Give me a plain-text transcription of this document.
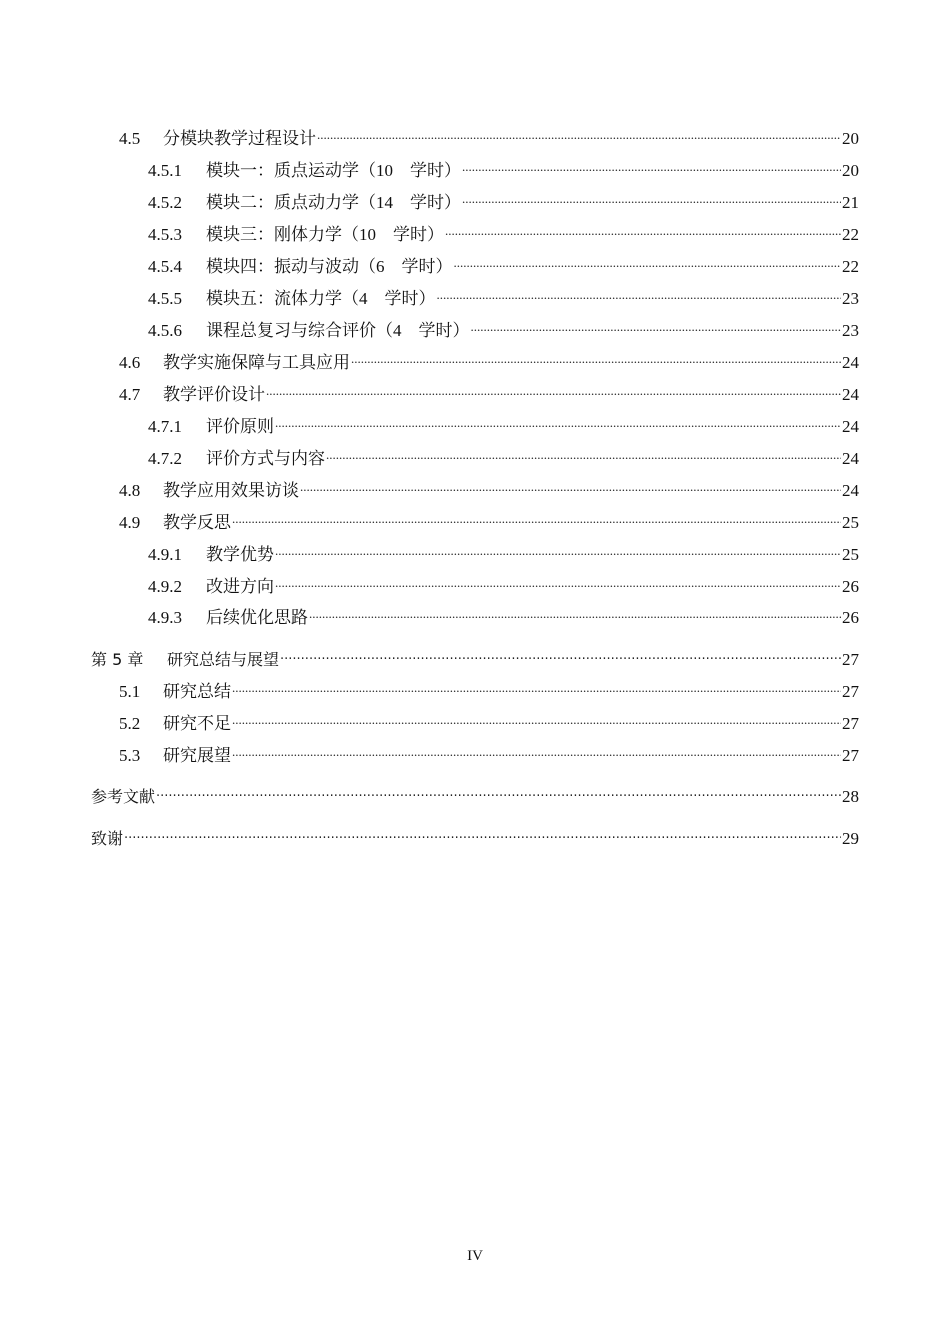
4.5	分模块教学过程设计 .....	20
4.5.1	模块一：质点运动学（10　学时） .....	20
4.5.2	模块二：质点动力学（14　学时） .....	21
4.5.3	模块三：刚体力学（10　学时） .....	22
4.5.4	模块四：振动与波动（6　学时） .....	22
4.5.5	模块五：流体力学（4　学时） .....	23
4.5.6	课程总复习与综合评价（4　学时） .....	23
4.6	教学实施保障与工具应用 .....	24
4.7	教学评价设计 .....	24
4.7.1	评价原则 .....	24
4.7.2	评价方式与内容 .....	24
4.8	教学应用效果访谈 .....	24
4.9	教学反思 .....	25
4.9.1	教学优势 .....	25
4.9.2	改进方向 .....	26
4.9.3	后续优化思路 .....	26
第 5 章	研究总结与展望 .....	27
5.1	研究总结 .....	27
5.2	研究不足 .....	27
5.3	研究展望 .....	27
参考文献 .....	28
致谢 .....	29
IV
